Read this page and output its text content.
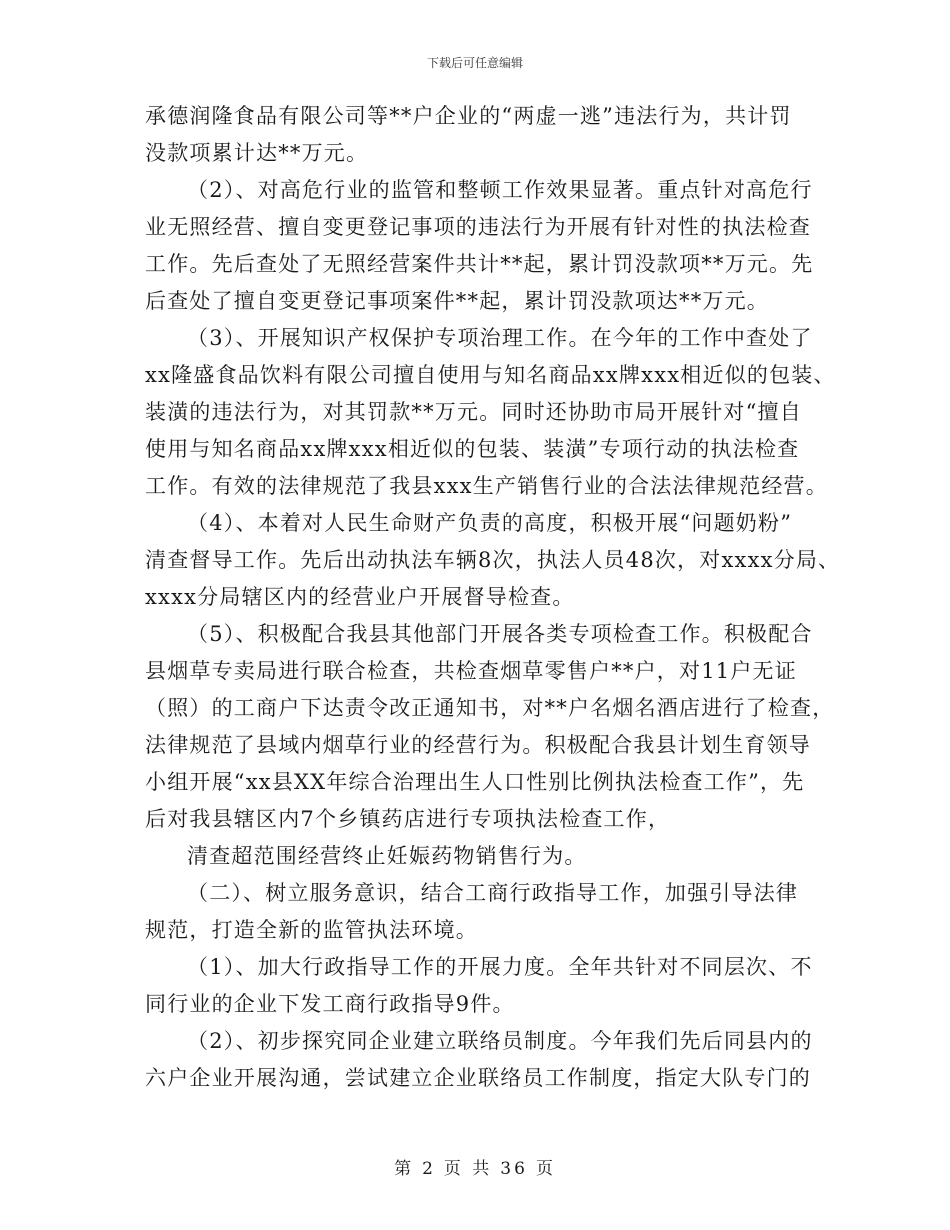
下载后可任意编辑
承德润隆食品有限公司等**户企业的“两虚一逃”违法行为，共计罚
没款项累计达**万元。
（2）、对高危行业的监管和整顿工作效果显著。重点针对高危行
业无照经营、擅自变更登记事项的违法行为开展有针对性的执法检查
工作。先后查处了无照经营案件共计**起，累计罚没款项**万元。先
后查处了擅自变更登记事项案件**起，累计罚没款项达**万元。
（3）、开展知识产权保护专项治理工作。在今年的工作中查处了
xx隆盛食品饮料有限公司擅自使用与知名商品xx牌xxx相近似的包装、
装潢的违法行为，对其罚款**万元。同时还协助市局开展针对“擅自
使用与知名商品xx牌xxx相近似的包装、装潢”专项行动的执法检查
工作。有效的法律规范了我县xxx生产销售行业的合法法律规范经营。
（4）、本着对人民生命财产负责的高度，积极开展“问题奶粉”
清查督导工作。先后出动执法车辆8次，执法人员48次，对xxxx分局、
xxxx分局辖区内的经营业户开展督导检查。
（5）、积极配合我县其他部门开展各类专项检查工作。积极配合
县烟草专卖局进行联合检查，共检查烟草零售户**户，对11户无证
（照）的工商户下达责令改正通知书，对**户名烟名酒店进行了检查，
法律规范了县域内烟草行业的经营行为。积极配合我县计划生育领导
小组开展“xx县XX年综合治理出生人口性别比例执法检查工作”，先
后对我县辖区内7个乡镇药店进行专项执法检查工作，
清查超范围经营终止妊娠药物销售行为。
（二）、树立服务意识，结合工商行政指导工作，加强引导法律
规范，打造全新的监管执法环境。
（1）、加大行政指导工作的开展力度。全年共针对不同层次、不
同行业的企业下发工商行政指导9件。
（2）、初步探究同企业建立联络员制度。今年我们先后同县内的
六户企业开展沟通，尝试建立企业联络员工作制度，指定大队专门的
第 2 页 共 36 页
